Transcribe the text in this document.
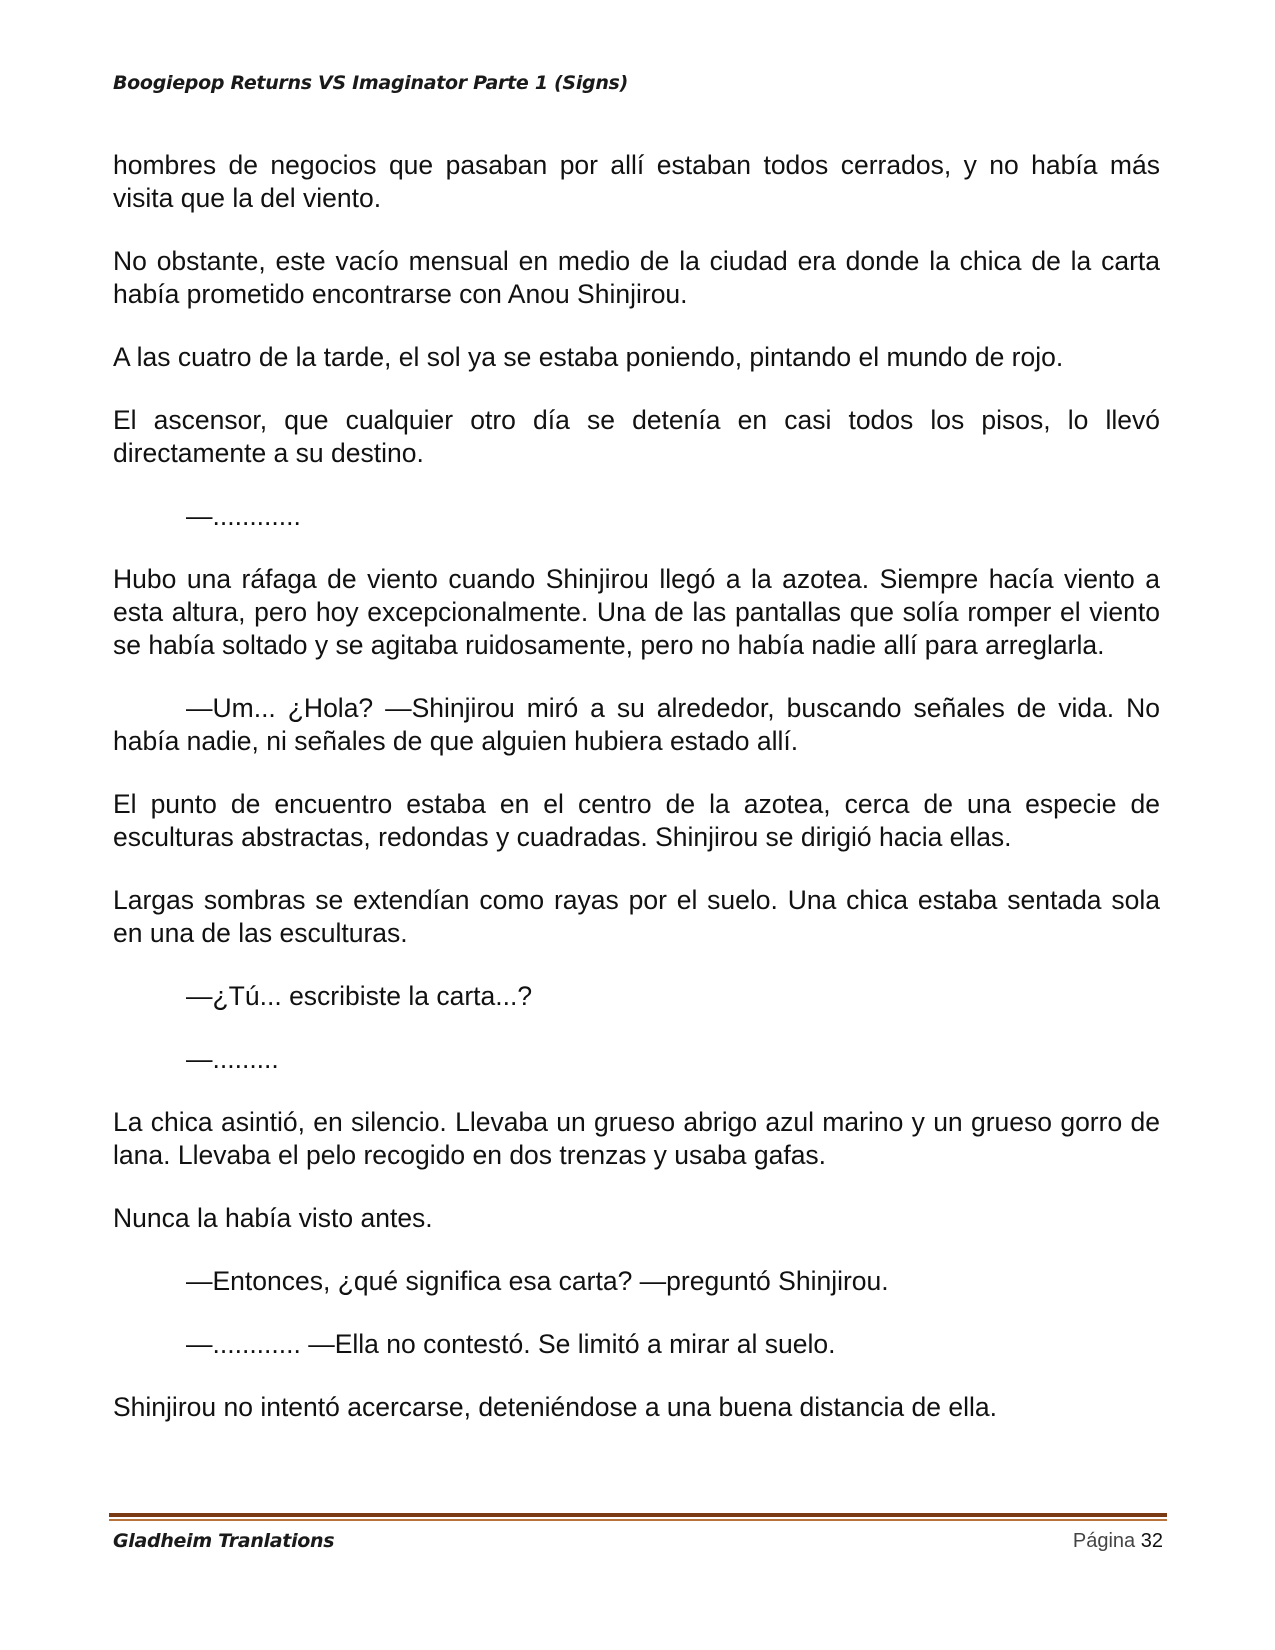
Boogiepop Returns VS Imaginator Parte 1 (Signs)

hombres de negocios que pasaban por allí estaban todos cerrados, y no había más visita que la del viento.

No obstante, este vacío mensual en medio de la ciudad era donde la chica de la carta había prometido encontrarse con Anou Shinjirou.

A las cuatro de la tarde, el sol ya se estaba poniendo, pintando el mundo de rojo.

El ascensor, que cualquier otro día se detenía en casi todos los pisos, lo llevó directamente a su destino.

—............

Hubo una ráfaga de viento cuando Shinjirou llegó a la azotea. Siempre hacía viento a esta altura, pero hoy excepcionalmente. Una de las pantallas que solía romper el viento se había soltado y se agitaba ruidosamente, pero no había nadie allí para arreglarla.

—Um... ¿Hola? —Shinjirou miró a su alrededor, buscando señales de vida. No había nadie, ni señales de que alguien hubiera estado allí.

El punto de encuentro estaba en el centro de la azotea, cerca de una especie de esculturas abstractas, redondas y cuadradas. Shinjirou se dirigió hacia ellas.

Largas sombras se extendían como rayas por el suelo. Una chica estaba sentada sola en una de las esculturas.

—¿Tú... escribiste la carta...?

—.........

La chica asintió, en silencio. Llevaba un grueso abrigo azul marino y un grueso gorro de lana. Llevaba el pelo recogido en dos trenzas y usaba gafas.

Nunca la había visto antes.

—Entonces, ¿qué significa esa carta? —preguntó Shinjirou.

—............ —Ella no contestó. Se limitó a mirar al suelo.

Shinjirou no intentó acercarse, deteniéndose a una buena distancia de ella.

Gladheim Tranlations	Página 32
